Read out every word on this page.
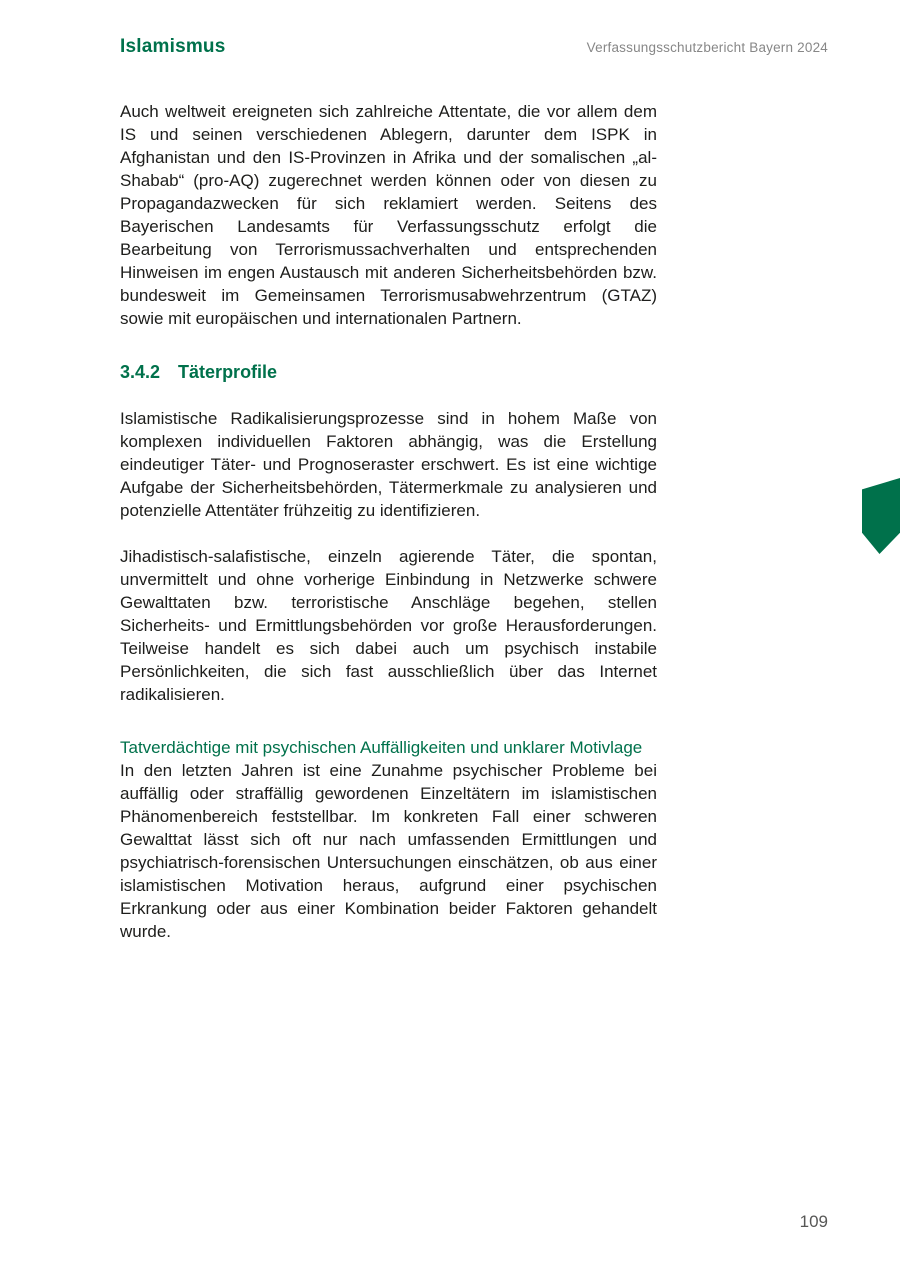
Islamismus	Verfassungsschutzbericht Bayern 2024

Auch weltweit ereigneten sich zahlreiche Attentate, die vor allem dem IS und seinen verschiedenen Ablegern, darunter dem ISPK in Afghanistan und den IS-Provinzen in Afrika und der somalischen „al-Shabab“ (pro-AQ) zugerechnet werden können oder von diesen zu Propagandazwecken für sich reklamiert werden. Seitens des Bayerischen Landesamts für Verfassungsschutz erfolgt die Bearbeitung von Terrorismussachverhalten und entsprechenden Hinweisen im engen Austausch mit anderen Sicherheitsbehörden bzw. bundesweit im Gemeinsamen Terrorismusabwehrzentrum (GTAZ) sowie mit europäischen und internationalen Partnern.

3.4.2 Täterprofile

Islamistische Radikalisierungsprozesse sind in hohem Maße von komplexen individuellen Faktoren abhängig, was die Erstellung eindeutiger Täter- und Prognoseraster erschwert. Es ist eine wichtige Aufgabe der Sicherheitsbehörden, Tätermerkmale zu analysieren und potenzielle Attentäter frühzeitig zu identifizieren.

Jihadistisch-salafistische, einzeln agierende Täter, die spontan, unvermittelt und ohne vorherige Einbindung in Netzwerke schwere Gewalttaten bzw. terroristische Anschläge begehen, stellen Sicherheits- und Ermittlungsbehörden vor große Herausforderungen. Teilweise handelt es sich dabei auch um psychisch instabile Persönlichkeiten, die sich fast ausschließlich über das Internet radikalisieren.

Tatverdächtige mit psychischen Auffälligkeiten und unklarer Motivlage

In den letzten Jahren ist eine Zunahme psychischer Probleme bei auffällig oder straffällig gewordenen Einzeltätern im islamistischen Phänomenbereich feststellbar. Im konkreten Fall einer schweren Gewalttat lässt sich oft nur nach umfassenden Ermittlungen und psychiatrisch-forensischen Untersuchungen einschätzen, ob aus einer islamistischen Motivation heraus, aufgrund einer psychischen Erkrankung oder aus einer Kombination beider Faktoren gehandelt wurde.

109
